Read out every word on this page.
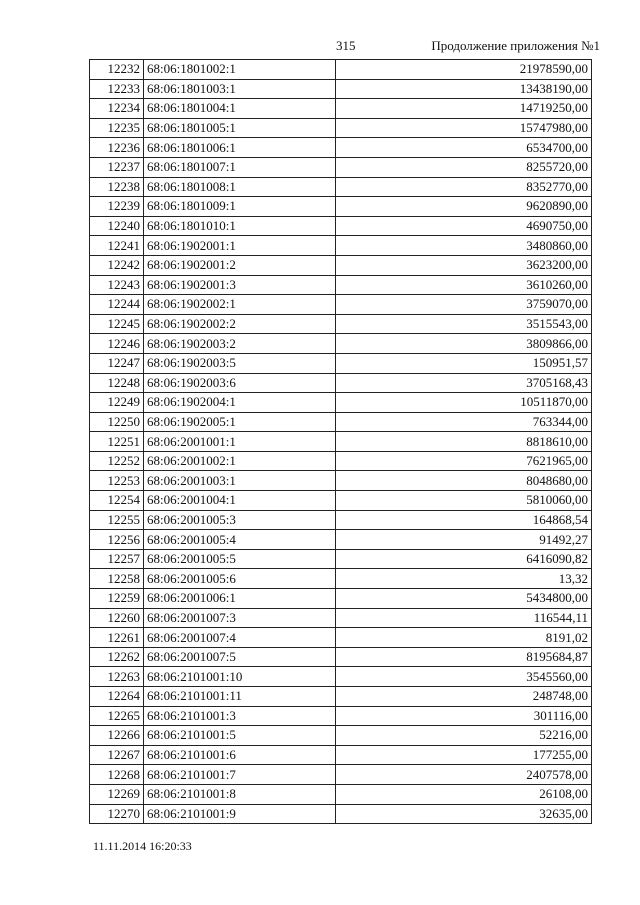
315	Продолжение приложения №1
12232	68:06:1801002:1	21978590,00
12233	68:06:1801003:1	13438190,00
12234	68:06:1801004:1	14719250,00
12235	68:06:1801005:1	15747980,00
12236	68:06:1801006:1	6534700,00
12237	68:06:1801007:1	8255720,00
12238	68:06:1801008:1	8352770,00
12239	68:06:1801009:1	9620890,00
12240	68:06:1801010:1	4690750,00
12241	68:06:1902001:1	3480860,00
12242	68:06:1902001:2	3623200,00
12243	68:06:1902001:3	3610260,00
12244	68:06:1902002:1	3759070,00
12245	68:06:1902002:2	3515543,00
12246	68:06:1902003:2	3809866,00
12247	68:06:1902003:5	150951,57
12248	68:06:1902003:6	3705168,43
12249	68:06:1902004:1	10511870,00
12250	68:06:1902005:1	763344,00
12251	68:06:2001001:1	8818610,00
12252	68:06:2001002:1	7621965,00
12253	68:06:2001003:1	8048680,00
12254	68:06:2001004:1	5810060,00
12255	68:06:2001005:3	164868,54
12256	68:06:2001005:4	91492,27
12257	68:06:2001005:5	6416090,82
12258	68:06:2001005:6	13,32
12259	68:06:2001006:1	5434800,00
12260	68:06:2001007:3	116544,11
12261	68:06:2001007:4	8191,02
12262	68:06:2001007:5	8195684,87
12263	68:06:2101001:10	3545560,00
12264	68:06:2101001:11	248748,00
12265	68:06:2101001:3	301116,00
12266	68:06:2101001:5	52216,00
12267	68:06:2101001:6	177255,00
12268	68:06:2101001:7	2407578,00
12269	68:06:2101001:8	26108,00
12270	68:06:2101001:9	32635,00
11.11.2014 16:20:33
